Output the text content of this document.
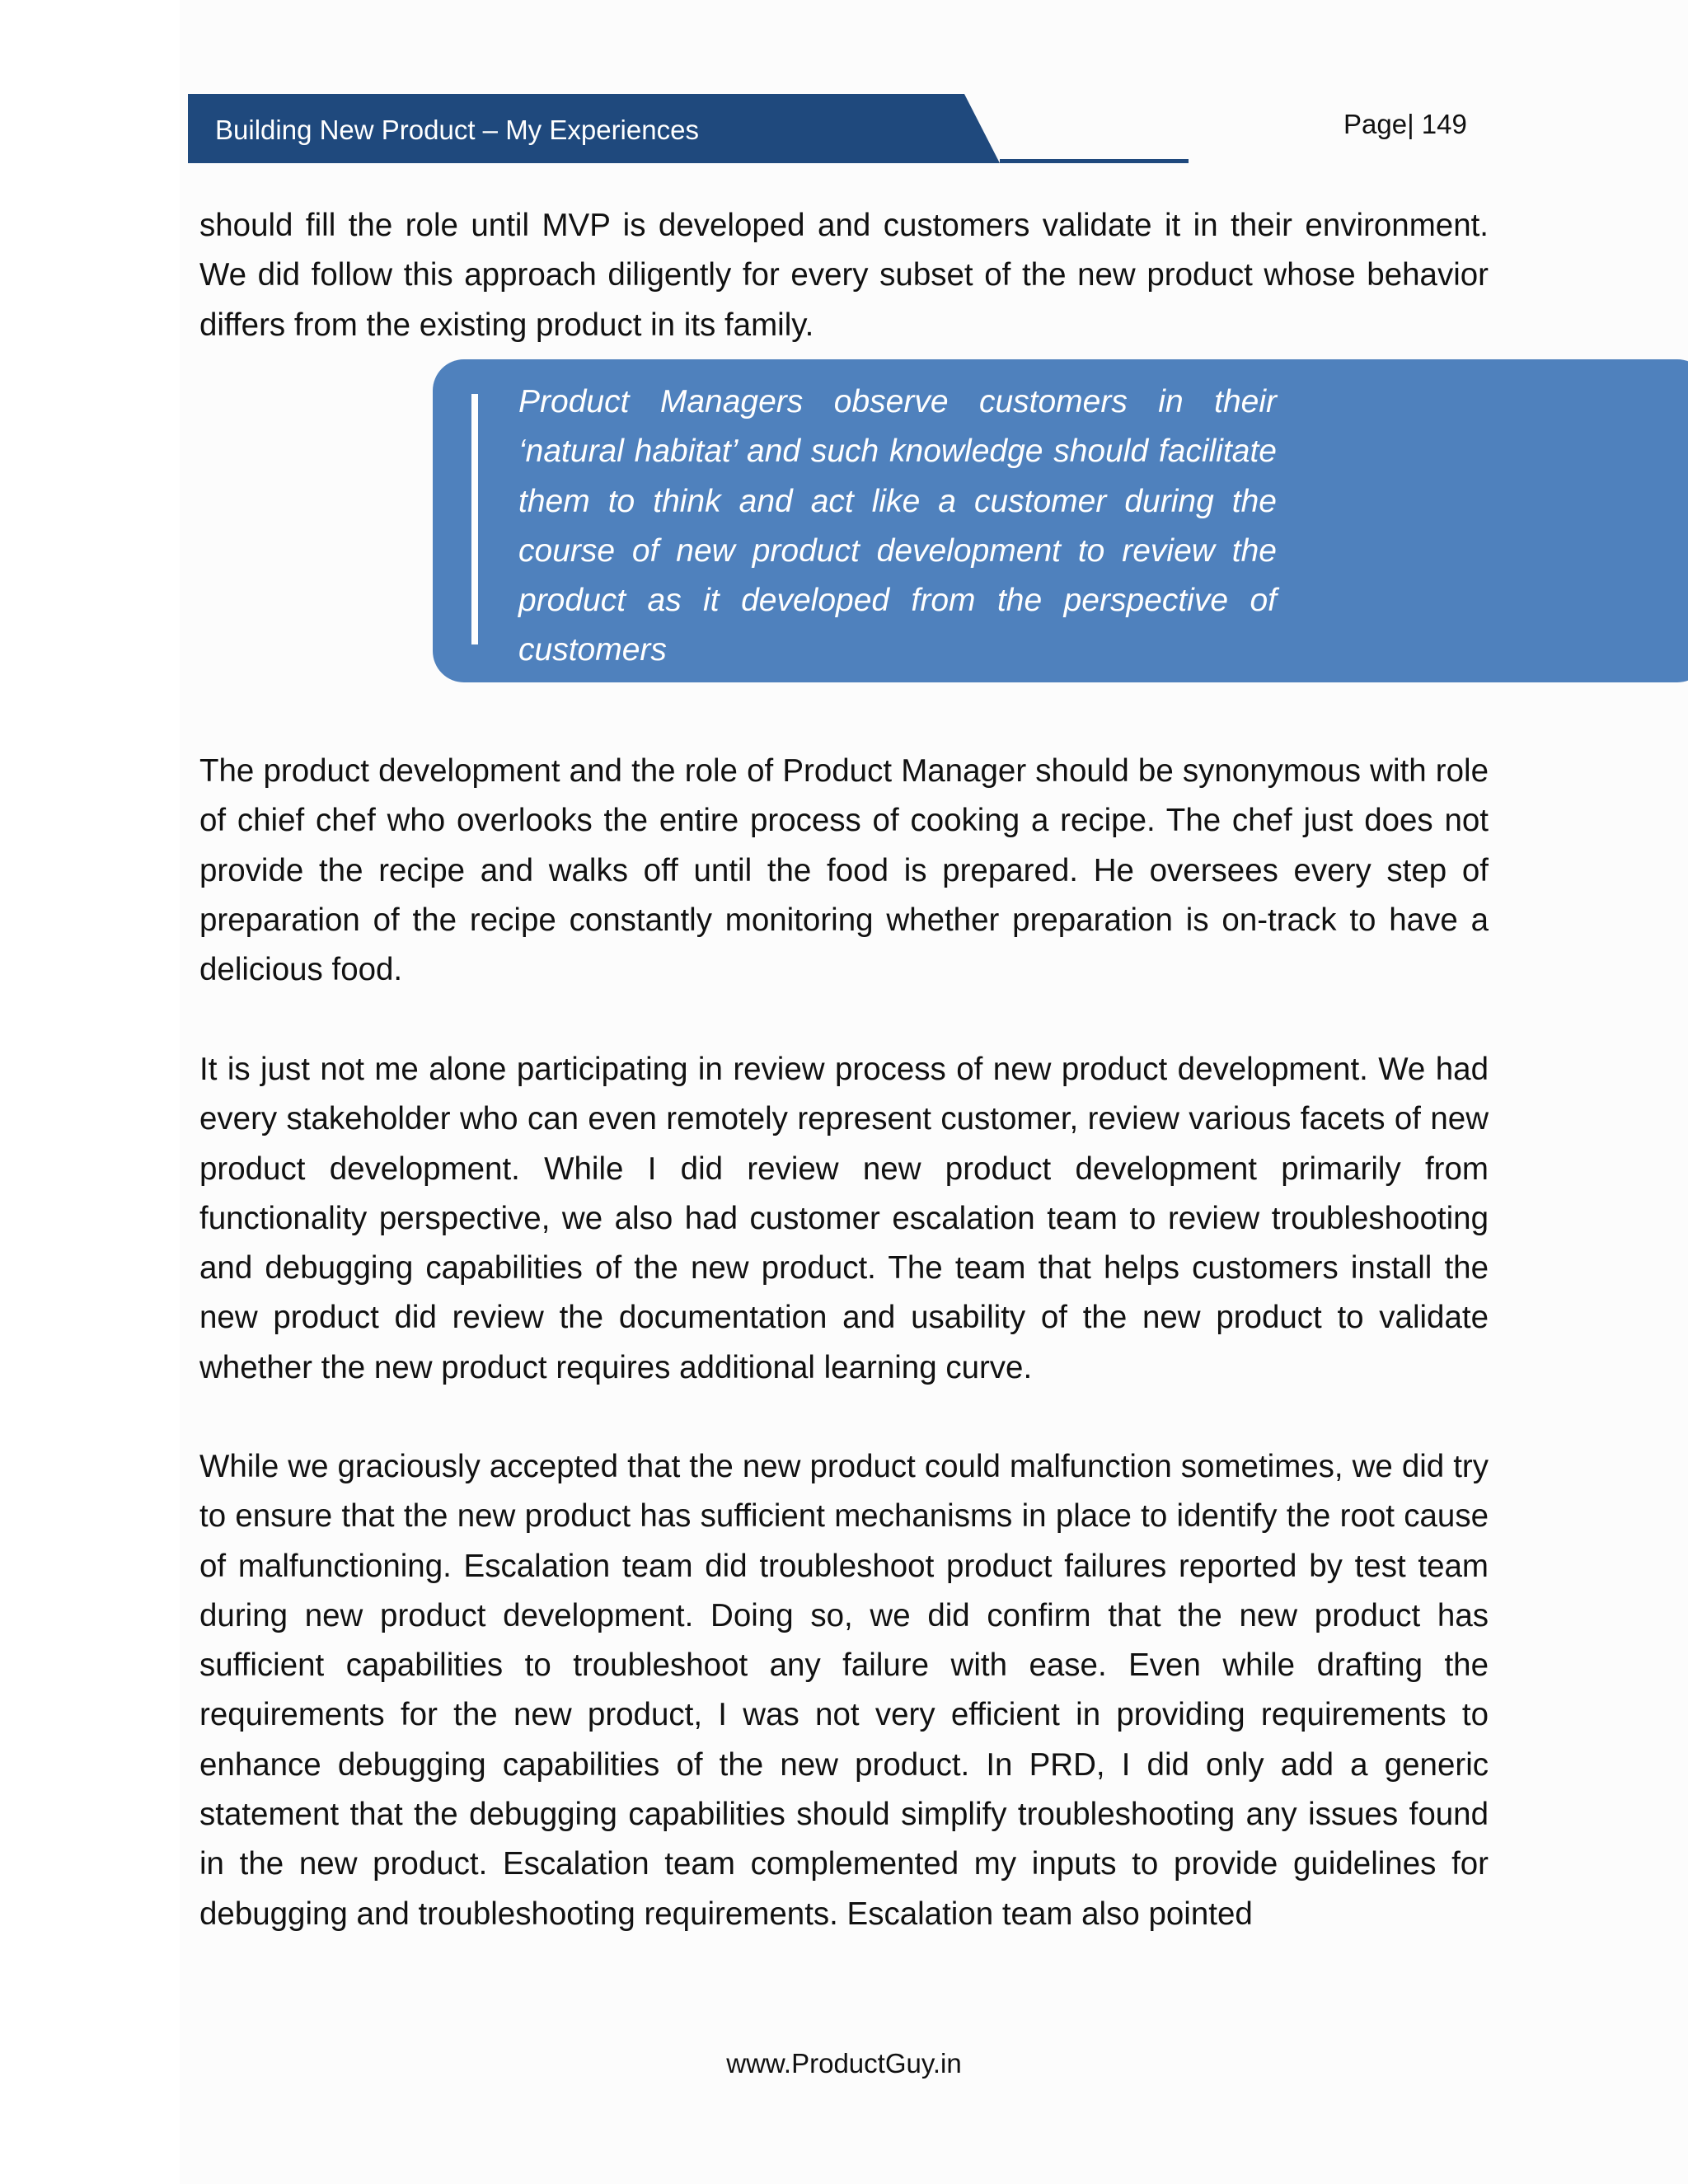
Building New Product – My Experiences	Page| 149

should fill the role until MVP is developed and customers validate it in their environment. We did follow this approach diligently for every subset of the new product whose behavior differs from the existing product in its family.

Product Managers observe customers in their ‘natural habitat’ and such knowledge should facilitate them to think and act like a customer during the course of new product development to review the product as it developed from the perspective of customers

The product development and the role of Product Manager should be synonymous with role of chief chef who overlooks the entire process of cooking a recipe. The chef just does not provide the recipe and walks off until the food is prepared. He oversees every step of preparation of the recipe constantly monitoring whether preparation is on-track to have a delicious food.

It is just not me alone participating in review process of new product development. We had every stakeholder who can even remotely represent customer, review various facets of new product development. While I did review new product development primarily from functionality perspective, we also had customer escalation team to review troubleshooting and debugging capabilities of the new product. The team that helps customers install the new product did review the documentation and usability of the new product to validate whether the new product requires additional learning curve.

While we graciously accepted that the new product could malfunction sometimes, we did try to ensure that the new product has sufficient mechanisms in place to identify the root cause of malfunctioning. Escalation team did troubleshoot product failures reported by test team during new product development. Doing so, we did confirm that the new product has sufficient capabilities to troubleshoot any failure with ease. Even while drafting the requirements for the new product, I was not very efficient in providing requirements to enhance debugging capabilities of the new product. In PRD, I did only add a generic statement that the debugging capabilities should simplify troubleshooting any issues found in the new product. Escalation team complemented my inputs to provide guidelines for debugging and troubleshooting requirements. Escalation team also pointed

www.ProductGuy.in
